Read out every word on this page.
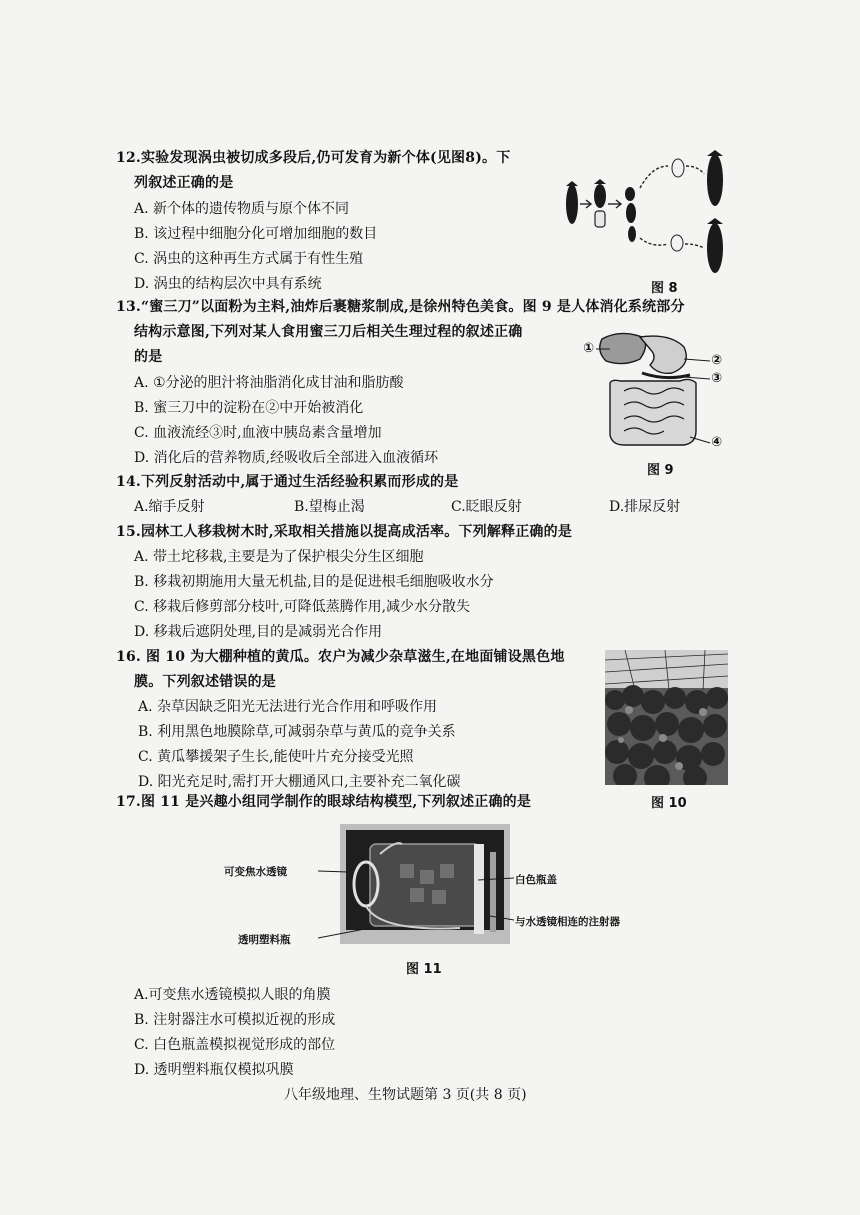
12.实验发现涡虫被切成多段后,仍可发育为新个体(见图8)。下
列叙述正确的是
A. 新个体的遗传物质与原个体不同
B. 该过程中细胞分化可增加细胞的数目
C. 涡虫的这种再生方式属于有性生殖
D. 涡虫的结构层次中具有系统	图 8
13.“蜜三刀”以面粉为主料,油炸后裹糖浆制成,是徐州特色美食。图 9 是人体消化系统部分
结构示意图,下列对某人食用蜜三刀后相关生理过程的叙述正确
的是
A. ①分泌的胆汁将油脂消化成甘油和脂肪酸
B. 蜜三刀中的淀粉在②中开始被消化
C. 血液流经③时,血液中胰岛素含量增加
D. 消化后的营养物质,经吸收后全部进入血液循环
①
②
③
④
图 9
14.下列反射活动中,属于通过生活经验积累而形成的是
A.缩手反射	B.望梅止渴	C.眨眼反射	D.排尿反射
15.园林工人移栽树木时,采取相关措施以提高成活率。下列解释正确的是
A. 带土坨移栽,主要是为了保护根尖分生区细胞
B. 移栽初期施用大量无机盐,目的是促进根毛细胞吸收水分
C. 移栽后修剪部分枝叶,可降低蒸腾作用,减少水分散失
D. 移栽后遮阴处理,目的是减弱光合作用
16. 图 10 为大棚种植的黄瓜。农户为减少杂草滋生,在地面铺设黑色地
膜。下列叙述错误的是
A. 杂草因缺乏阳光无法进行光合作用和呼吸作用
B. 利用黑色地膜除草,可减弱杂草与黄瓜的竞争关系
C. 黄瓜攀援架子生长,能使叶片充分接受光照
D. 阳光充足时,需打开大棚通风口,主要补充二氧化碳
图 10
17.图 11 是兴趣小组同学制作的眼球结构模型,下列叙述正确的是
可变焦水透镜
透明塑料瓶
白色瓶盖
与水透镜相连的注射器
图 11
A.可变焦水透镜模拟人眼的角膜
B. 注射器注水可模拟近视的形成
C. 白色瓶盖模拟视觉形成的部位
D. 透明塑料瓶仅模拟巩膜
八年级地理、生物试题第 3 页(共 8 页)
